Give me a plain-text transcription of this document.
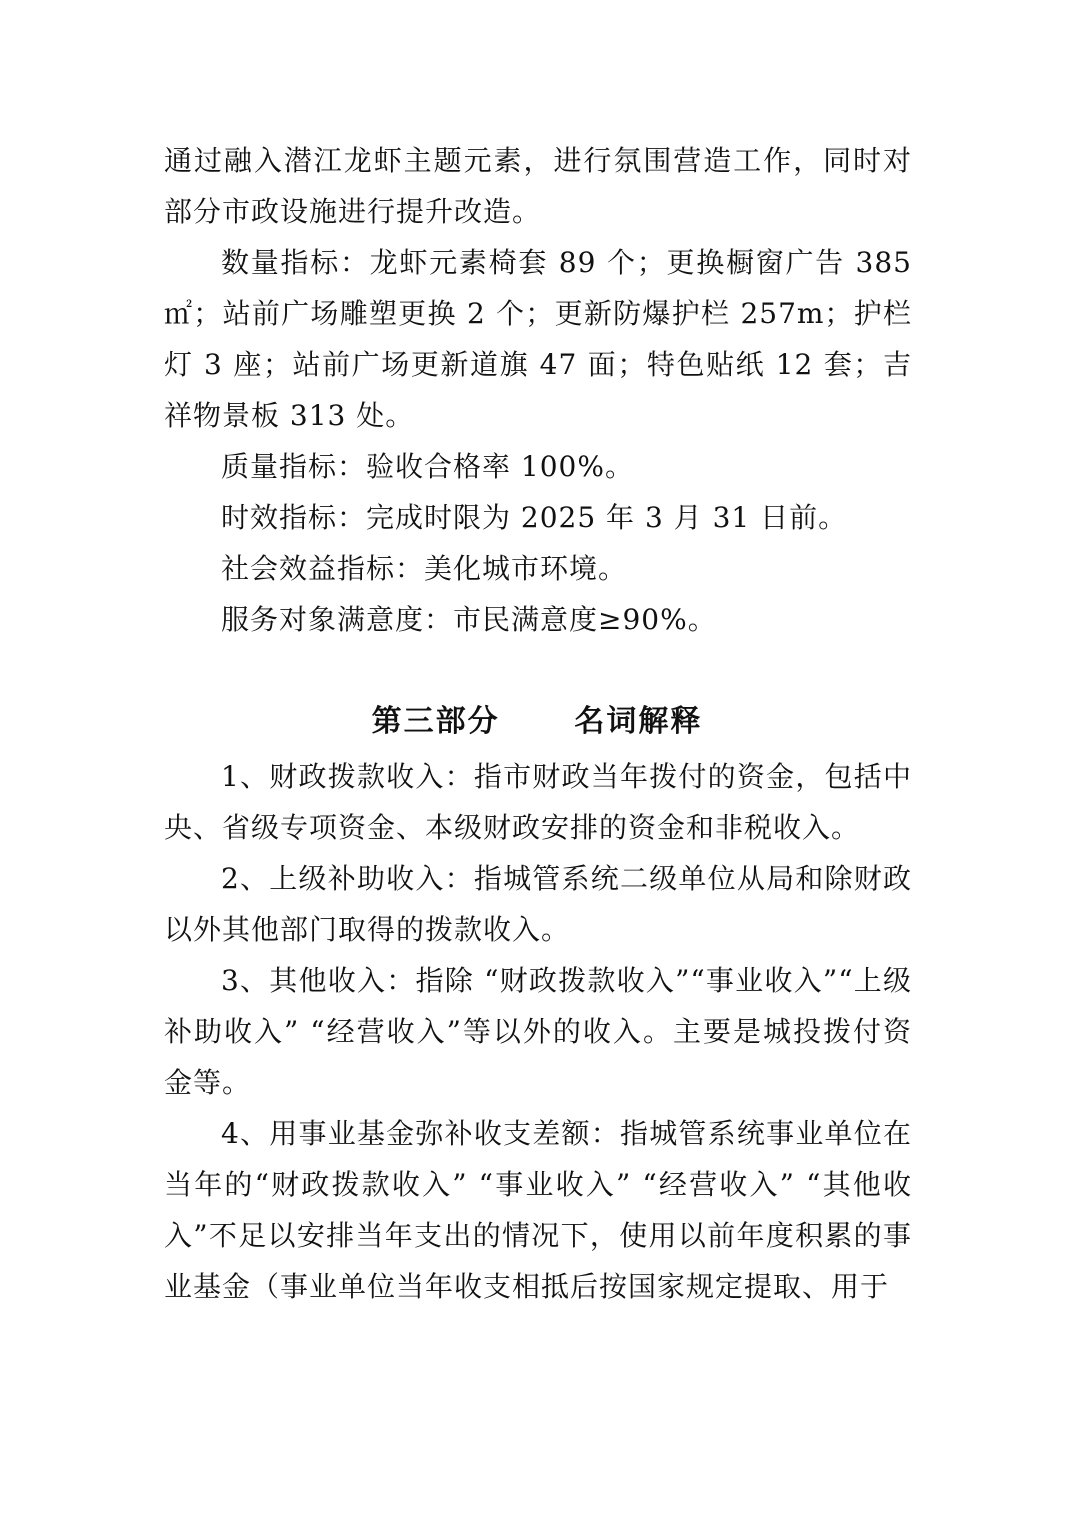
通过融入潜江龙虾主题元素，进行氛围营造工作，同时对部分市政设施进行提升改造。

数量指标：龙虾元素椅套 89 个；更换橱窗广告 385 ㎡；站前广场雕塑更换 2 个；更新防爆护栏 257m；护栏灯 3 座；站前广场更新道旗 47 面；特色贴纸 12 套；吉祥物景板 313 处。

质量指标：验收合格率 100%。

时效指标：完成时限为 2025 年 3 月 31 日前。

社会效益指标：美化城市环境。

服务对象满意度：市民满意度≥90%。

第三部分      名词解释

1、财政拨款收入：指市财政当年拨付的资金，包括中央、省级专项资金、本级财政安排的资金和非税收入。

2、上级补助收入：指城管系统二级单位从局和除财政以外其他部门取得的拨款收入。

3、其他收入：指除 “财政拨款收入”“事业收入”“上级补助收入” “经营收入”等以外的收入。主要是城投拨付资金等。

4、用事业基金弥补收支差额：指城管系统事业单位在当年的“财政拨款收入” “事业收入” “经营收入” “其他收入”不足以安排当年支出的情况下，使用以前年度积累的事业基金（事业单位当年收支相抵后按国家规定提取、用于
